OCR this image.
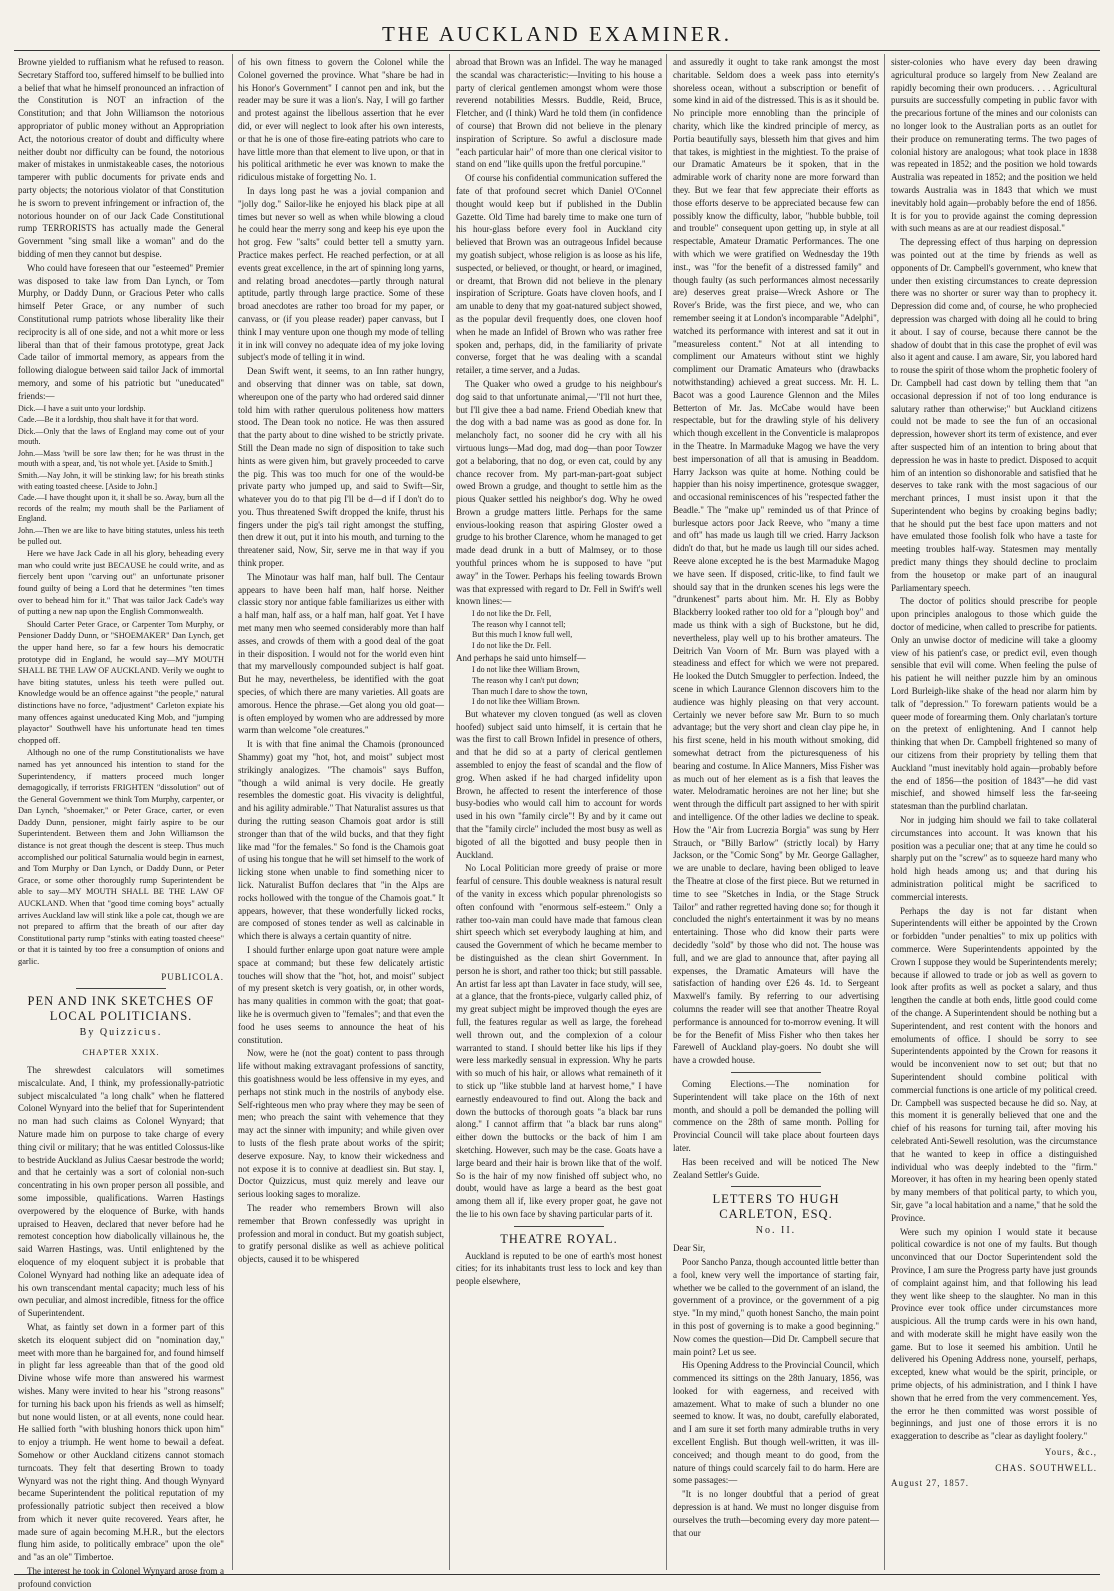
THE AUCKLAND EXAMINER.

Browne yielded to ruffianism what he refused to reason. Secretary Stafford too, suffered himself to be bullied into a belief that what he himself pronounced an infraction of the Constitution is NOT an infraction of the Constitution; and that John Williamson the notorious appropriator of public money without an Appropriation Act, the notorious creator of doubt and difficulty where neither doubt nor difficulty can be found, the notorious maker of mistakes in unmistakeable cases, the notorious tamperer with public documents for private ends and party objects; the notorious violator of that Constitution he is sworn to prevent infringement or infraction of, the notorious hounder on of our Jack Cade Constitutional rump TERRORISTS has actually made the General Government "sing small like a woman" and do the bidding of men they cannot but despise.

Who could have foreseen that our "esteemed" Premier was disposed to take law from Dan Lynch, or Tom Murphy, or Daddy Dunn, or Gracious Peter who calls himself Peter Grace, or any number of such Constitutional rump patriots whose liberality like their reciprocity is all of one side, and not a whit more or less liberal than that of their famous prototype, great Jack Cade tailor of immortal memory, as appears from the following dialogue between said tailor Jack of immortal memory, and some of his patriotic but "uneducated" friends:—

Dick.—I have a suit unto your lordship.

Cade.—Be it a lordship, thou shalt have it for that word.

Dick.—Only that the laws of England may come out of your mouth.

John.—Mass 'twill be sore law then; for he was thrust in the mouth with a spear, and, 'tis not whole yet. [Aside to Smith.]

Smith.—Nay John, it will be stinking law; for his breath stinks with eating toasted cheese. [Aside to John.]

Cade.—I have thought upon it, it shall be so. Away, burn all the records of the realm; my mouth shall be the Parliament of England.

John.—Then we are like to have biting statutes, unless his teeth be pulled out.

Here we have Jack Cade in all his glory, beheading every man who could write just BECAUSE he could write, and as fiercely bent upon "carving out" an unfortunate prisoner found guilty of being a Lord that he determines "ten times over to behead him for it." That was tailor Jack Cade's way of putting a new nap upon the English Commonwealth.

Should Carter Peter Grace, or Carpenter Tom Murphy, or Pensioner Daddy Dunn, or "SHOEMAKER" Dan Lynch, get the upper hand here, so far a few hours his democratic prototype did in England, he would say—MY MOUTH SHALL BE THE LAW OF AUCKLAND. Verily we ought to have biting statutes, unless his teeth were pulled out. Knowledge would be an offence against "the people," natural distinctions have no force, "adjustment" Carleton expiate his many offences against uneducated King Mob, and "jumping playactor" Southwell have his unfortunate head ten times chopped off.

Although no one of the rump Constitutionalists we have named has yet announced his intention to stand for the Superintendency, if matters proceed much longer demagogically, if terrorists FRIGHTEN "dissolution" out of the General Government we think Tom Murphy, carpenter, or Dan Lynch, "shoemaker," or Peter Grace, carter, or even Daddy Dunn, pensioner, might fairly aspire to be our Superintendent. Between them and John Williamson the distance is not great though the descent is steep. Thus much accomplished our political Saturnalia would begin in earnest, and Tom Murphy or Dan Lynch, or Daddy Dunn, or Peter Grace, or some other thoroughly rump Superintendent be able to say—MY MOUTH SHALL BE THE LAW OF AUCKLAND. When that "good time coming boys" actually arrives Auckland law will stink like a pole cat, though we are not prepared to affirm that the breath of our after day Constitutional party rump "stinks with eating toasted cheese" or that it is tainted by too free a consumption of onions and garlic.

PUBLICOLA.
PEN AND INK SKETCHES OF LOCAL POLITICIANS.
By Quizzicus.
CHAPTER XXIX.

The shrewdest calculators will sometimes miscalculate. And, I think, my professionally-patriotic subject miscalculated "a long chalk" when he flattered Colonel Wynyard into the belief that for Superintendent no man had such claims as Colonel Wynyard; that Nature made him on purpose to take charge of every thing civil or military; that he was entitled Colossus-like to bestride Auckland as Julius Caesar bestrode the world; and that he certainly was a sort of colonial non-such concentrating in his own proper person all possible, and some impossible, qualifications. Warren Hastings overpowered by the eloquence of Burke, with hands upraised to Heaven, declared that never before had he remotest conception how diabolically villainous he, the said Warren Hastings, was. Until enlightened by the eloquence of my eloquent subject it is probable that Colonel Wynyard had nothing like an adequate idea of his own transcendant mental capacity; much less of his own peculiar, and almost incredible, fitness for the office of Superintendent.

What, as faintly set down in a former part of this sketch its eloquent subject did on "nomination day," meet with more than he bargained for, and found himself in plight far less agreeable than that of the good old Divine whose wife more than answered his warmest wishes. Many were invited to hear his "strong reasons" for turning his back upon his friends as well as himself; but none would listen, or at all events, none could hear. He sallied forth "with blushing honors thick upon him" to enjoy a triumph. He went home to bewail a defeat. Somehow or other Auckland citizens cannot stomach turncoats. They felt that deserting Brown to toady Wynyard was not the right thing. And though Wynyard became Superintendent the political reputation of my professionally patriotic subject then received a blow from which it never quite recovered. Years after, he made sure of again becoming M.H.R., but the electors flung him aside, to politically embrace" upon the ole" and "as an ole" Timbertoe.

The interest he took in Colonel Wynyard arose from a profound conviction

of his own fitness to govern the Colonel while the Colonel governed the province. What "share be had in his Honor's Government" I cannot pen and ink, but the reader may be sure it was a lion's. Nay, I will go farther and protest against the libellous assertion that he ever did, or ever will neglect to look after his own interests, or that he is one of those fire-eating patriots who care to have little more than that element to live upon, or that in his political arithmetic he ever was known to make the ridiculous mistake of forgetting No. 1.

In days long past he was a jovial companion and "jolly dog." Sailor-like he enjoyed his black pipe at all times but never so well as when while blowing a cloud he could hear the merry song and keep his eye upon the hot grog. Few "salts" could better tell a smutty yarn. Practice makes perfect. He reached perfection, or at all events great excellence, in the art of spinning long yarns, and relating broad anecdotes—partly through natural aptitude, partly through large practice. Some of these broad anecdotes are rather too broad for my paper, or canvass, or (if you please reader) paper canvass, but I think I may venture upon one though my mode of telling it in ink will convey no adequate idea of my joke loving subject's mode of telling it in wind.

Dean Swift went, it seems, to an Inn rather hungry, and observing that dinner was on table, sat down, whereupon one of the party who had ordered said dinner told him with rather querulous politeness how matters stood. The Dean took no notice. He was then assured that the party about to dine wished to be strictly private. Still the Dean made no sign of disposition to take such hints as were given him, but gravely proceeded to carve the pig. This was too much for one of the would-be private party who jumped up, and said to Swift—Sir, whatever you do to that pig I'll be d—d if I don't do to you. Thus threatened Swift dropped the knife, thrust his fingers under the pig's tail right amongst the stuffing, then drew it out, put it into his mouth, and turning to the threatener said, Now, Sir, serve me in that way if you think proper.

The Minotaur was half man, half bull. The Centaur appears to have been half man, half horse. Neither classic story nor antique fable familiarizes us either with a half man, half ass, or a half man, half goat. Yet I have met many men who seemed considerably more than half asses, and crowds of them with a good deal of the goat in their disposition. I would not for the world even hint that my marvellously compounded subject is half goat. But he may, nevertheless, be identified with the goat species, of which there are many varieties. All goats are amorous. Hence the phrase.—Get along you old goat—is often employed by women who are addressed by more warm than welcome "ole creatures."

It is with that fine animal the Chamois (pronounced Shammy) goat my "hot, hot, and moist" subject most strikingly analogizes. "The chamois" says Buffon, "though a wild animal is very docile. He greatly resembles the domestic goat. His vivacity is delightful, and his agility admirable." That Naturalist assures us that during the rutting season Chamois goat ardor is still stronger than that of the wild bucks, and that they fight like mad "for the females." So fond is the Chamois goat of using his tongue that he will set himself to the work of licking stone when unable to find something nicer to lick. Naturalist Buffon declares that "in the Alps are rocks hollowed with the tongue of the Chamois goat." It appears, however, that these wonderfully licked rocks, are composed of stones tender as well as calcinable in which there is always a certain quantity of nitre.

I should further enlarge upon goat nature were ample space at command; but these few delicately artistic touches will show that the "hot, hot, and moist" subject of my present sketch is very goatish, or, in other words, has many qualities in common with the goat; that goat-like he is overmuch given to "females"; and that even the food he uses seems to announce the heat of his constitution.

Now, were he (not the goat) content to pass through life without making extravagant professions of sanctity, this goatishness would be less offensive in my eyes, and perhaps not stink much in the nostrils of anybody else. Self-righteous men who pray where they may be seen of men; who preach the saint with vehemence that they may act the sinner with impunity; and while given over to lusts of the flesh prate about works of the spirit; deserve exposure. Nay, to know their wickedness and not expose it is to connive at deadliest sin. But stay. I, Doctor Quizzicus, must quiz merely and leave our serious looking sages to moralize.

The reader who remembers Brown will also remember that Brown confessedly was upright in profession and moral in conduct. But my goatish subject, to gratify personal dislike as well as achieve political objects, caused it to be whispered

abroad that Brown was an Infidel. The way he managed the scandal was characteristic:—Inviting to his house a party of clerical gentlemen amongst whom were those reverend notabilities Messrs. Buddle, Reid, Bruce, Fletcher, and (I think) Ward he told them (in confidence of course) that Brown did not believe in the plenary inspiration of Scripture. So awful a disclosure made "each particular hair" of more than one clerical visitor to stand on end "like quills upon the fretful porcupine."

Of course his confidential communication suffered the fate of that profound secret which Daniel O'Connel thought would keep but if published in the Dublin Gazette. Old Time had barely time to make one turn of his hour-glass before every fool in Auckland city believed that Brown was an outrageous Infidel because my goatish subject, whose religion is as loose as his life, suspected, or believed, or thought, or heard, or imagined, or dreamt, that Brown did not believe in the plenary inspiration of Scripture. Goats have cloven hoofs, and I am unable to deny that my goat-natured subject showed, as the popular devil frequently does, one cloven hoof when he made an Infidel of Brown who was rather free spoken and, perhaps, did, in the familiarity of private converse, forget that he was dealing with a scandal retailer, a time server, and a Judas.

The Quaker who owed a grudge to his neighbour's dog said to that unfortunate animal,—"I'll not hurt thee, but I'll give thee a bad name. Friend Obediah knew that the dog with a bad name was as good as done for. In melancholy fact, no sooner did he cry with all his virtuous lungs—Mad dog, mad dog—than poor Towzer got a belaboring, that no dog, or even cat, could by any chance recover from. My part-man-part-goat subject owed Brown a grudge, and thought to settle him as the pious Quaker settled his neighbor's dog. Why he owed Brown a grudge matters little. Perhaps for the same envious-looking reason that aspiring Gloster owed a grudge to his brother Clarence, whom he managed to get made dead drunk in a butt of Malmsey, or to those youthful princes whom he is supposed to have "put away" in the Tower. Perhaps his feeling towards Brown was that expressed with regard to Dr. Fell in Swift's well known lines:—

I do not like the Dr. Fell,
The reason why I cannot tell;
But this much I know full well,
I do not like the Dr. Fell.

And perhaps he said unto himself—

I do not like thee William Brown,
The reason why I can't put down;
Than much I dare to show the town,
I do not like thee William Brown.

But whatever my cloven tongued (as well as cloven hoofed) subject said unto himself, it is certain that he was the first to call Brown Infidel in presence of others, and that he did so at a party of clerical gentlemen assembled to enjoy the feast of scandal and the flow of grog. When asked if he had charged infidelity upon Brown, he affected to resent the interference of those busy-bodies who would call him to account for words used in his own "family circle"! By and by it came out that the "family circle" included the most busy as well as bigoted of all the bigotted and busy people then in Auckland.

No Local Politician more greedy of praise or more fearful of censure. This double weakness is natural result of the vanity in excess which popular phrenologists so often confound with "enormous self-esteem." Only a rather too-vain man could have made that famous clean shirt speech which set everybody laughing at him, and caused the Government of which he became member to be distinguished as the clean shirt Government. In person he is short, and rather too thick; but still passable. An artist far less apt than Lavater in face study, will see, at a glance, that the fronts-piece, vulgarly called phiz, of my great subject might be improved though the eyes are full, the features regular as well as large, the forehead well thrown out, and the complexion of a colour warranted to stand. I should better like his lips if they were less markedly sensual in expression. Why he parts with so much of his hair, or allows what remaineth of it to stick up "like stubble land at harvest home," I have earnestly endeavoured to find out. Along the back and down the buttocks of thorough goats "a black bar runs along." I cannot affirm that "a black bar runs along" either down the buttocks or the back of him I am sketching. However, such may be the case. Goats have a large beard and their hair is brown like that of the wolf. So is the hair of my now finished off subject who, no doubt, would have as large a beard as the best goat among them all if, like every proper goat, he gave not the lie to his own face by shaving particular parts of it.

THEATRE ROYAL.

Auckland is reputed to be one of earth's most honest cities; for its inhabitants trust less to lock and key than people elsewhere,

and assuredly it ought to take rank amongst the most charitable. Seldom does a week pass into eternity's shoreless ocean, without a subscription or benefit of some kind in aid of the distressed. This is as it should be. No principle more ennobling than the principle of charity, which like the kindred principle of mercy, as Portia beautifully says, blesseth him that gives and him that takes, is mightiest in the mightiest. To the praise of our Dramatic Amateurs be it spoken, that in the admirable work of charity none are more forward than they. But we fear that few appreciate their efforts as those efforts deserve to be appreciated because few can possibly know the difficulty, labor, "hubble bubble, toil and trouble" consequent upon getting up, in style at all respectable, Amateur Dramatic Performances. The one with which we were gratified on Wednesday the 19th inst., was "for the benefit of a distressed family" and though faulty (as such performances almost necessarily are) deserves great praise—Wreck Ashore or The Rover's Bride, was the first piece, and we, who can remember seeing it at London's incomparable "Adelphi", watched its performance with interest and sat it out in "measureless content." Not at all intending to compliment our Amateurs without stint we highly compliment our Dramatic Amateurs who (drawbacks notwithstanding) achieved a great success. Mr. H. L. Bacot was a good Laurence Glennon and the Miles Betterton of Mr. Jas. McCabe would have been respectable, but for the drawling style of his delivery which though excellent in the Conventicle is malapropos in the Theatre. In Marmaduke Magog we have the very best impersonation of all that is amusing in Beaddom. Harry Jackson was quite at home. Nothing could be happier than his noisy impertinence, grotesque swagger, and occasional reminiscences of his "respected father the Beadle." The "make up" reminded us of that Prince of burlesque actors poor Jack Reeve, who "many a time and oft" has made us laugh till we cried. Harry Jackson didn't do that, but he made us laugh till our sides ached. Reeve alone excepted he is the best Marmaduke Magog we have seen. If disposed, critic-like, to find fault we should say that in the drunken scenes his legs were the "drunkenest" parts about him. Mr. H. Ely as Bobby Blackberry looked rather too old for a "plough boy" and made us think with a sigh of Buckstone, but he did, nevertheless, play well up to his brother amateurs. The Deitrich Van Voorn of Mr. Burn was played with a steadiness and effect for which we were not prepared. He looked the Dutch Smuggler to perfection. Indeed, the scene in which Laurance Glennon discovers him to the audience was highly pleasing on that very account. Certainly we never before saw Mr. Burn to so much advantage; but the very short and clean clay pipe he, in his first scene, held in his mouth without smoking, did somewhat detract from the picturesqueness of his bearing and costume. In Alice Manners, Miss Fisher was as much out of her element as is a fish that leaves the water. Melodramatic heroines are not her line; but she went through the difficult part assigned to her with spirit and intelligence. Of the other ladies we decline to speak. How the "Air from Lucrezia Borgia" was sung by Herr Strauch, or "Billy Barlow" (strictly local) by Harry Jackson, or the "Comic Song" by Mr. George Gallagher, we are unable to declare, having been obliged to leave the Theatre at close of the first piece. But we returned in time to see "Sketches in India, or the Stage Struck Tailor" and rather regretted having done so; for though it concluded the night's entertainment it was by no means entertaining. Those who did know their parts were decidedly "sold" by those who did not. The house was full, and we are glad to announce that, after paying all expenses, the Dramatic Amateurs will have the satisfaction of handing over £26 4s. 1d. to Sergeant Maxwell's family. By referring to our advertising columns the reader will see that another Theatre Royal performance is announced for to-morrow evening. It will be for the Benefit of Miss Fisher who then takes her Farewell of Auckland play-goers. No doubt she will have a crowded house.

Coming Elections.—The nomination for Superintendent will take place on the 16th of next month, and should a poll be demanded the polling will commence on the 28th of same month. Polling for Provincial Council will take place about fourteen days later.

Has been received and will be noticed The New Zealand Settler's Guide.

LETTERS TO HUGH CARLETON, ESQ.
No. II.

Dear Sir,

Poor Sancho Panza, though accounted little better than a fool, knew very well the importance of starting fair, whether we be called to the government of an island, the government of a province, or the government of a pig stye. "In my mind," quoth honest Sancho, the main point in this post of governing is to make a good beginning." Now comes the question—Did Dr. Campbell secure that main point? Let us see.

His Opening Address to the Provincial Council, which commenced its sittings on the 28th January, 1856, was looked for with eagerness, and received with amazement. What to make of such a blunder no one seemed to know. It was, no doubt, carefully elaborated, and I am sure it set forth many admirable truths in very excellent English. But though well-written, it was ill-conceived; and though meant to do good, from the nature of things could scarcely fail to do harm. Here are some passages:—

"It is no longer doubtful that a period of great depression is at hand. We must no longer disguise from ourselves the truth—becoming every day more patent—that our

sister-colonies who have every day been drawing agricultural produce so largely from New Zealand are rapidly becoming their own producers. . . . Agricultural pursuits are successfully competing in public favor with the precarious fortune of the mines and our colonists can no longer look to the Australian ports as an outlet for their produce on remunerating terms. The two pages of colonial history are analogous; what took place in 1838 was repeated in 1852; and the position we hold towards Australia was repeated in 1852; and the position we held towards Australia was in 1843 that which we must inevitably hold again—probably before the end of 1856. It is for you to provide against the coming depression with such means as are at our readiest disposal."

The depressing effect of thus harping on depression was pointed out at the time by friends as well as opponents of Dr. Campbell's government, who knew that under then existing circumstances to create depression there was no shorter or surer way than to prophecy it. Depression did come and, of course, he who prophecied depression was charged with doing all he could to bring it about. I say of course, because there cannot be the shadow of doubt that in this case the prophet of evil was also it agent and cause. I am aware, Sir, you labored hard to rouse the spirit of those whom the prophetic foolery of Dr. Campbell had cast down by telling them that "an occasional depression if not of too long endurance is salutary rather than otherwise;" but Auckland citizens could not be made to see the fun of an occasional depression, however short its term of existence, and ever after suspected him of an intention to bring about that depression he was in haste to predict. Disposed to acquit him of an intention so dishonorable and satisfied that he deserves to take rank with the most sagacious of our merchant princes, I must insist upon it that the Superintendent who begins by croaking begins badly; that he should put the best face upon matters and not have emulated those foolish folk who have a taste for meeting troubles half-way. Statesmen may mentally predict many things they should decline to proclaim from the housetop or make part of an inaugural Parliamentary speech.

The doctor of politics should prescribe for people upon principles analogous to those which guide the doctor of medicine, when called to prescribe for patients. Only an unwise doctor of medicine will take a gloomy view of his patient's case, or predict evil, even though sensible that evil will come. When feeling the pulse of his patient he will neither puzzle him by an ominous Lord Burleigh-like shake of the head nor alarm him by talk of "depression." To forewarn patients would be a queer mode of forearming them. Only charlatan's torture on the pretext of enlightening. And I cannot help thinking that when Dr. Campbell frightened so many of our citizens from their propriety by telling them that Auckland "must inevitably hold again—probably before the end of 1856—the position of 1843"—he did vast mischief, and showed himself less the far-seeing statesman than the purblind charlatan.

Nor in judging him should we fail to take collateral circumstances into account. It was known that his position was a peculiar one; that at any time he could so sharply put on the "screw" as to squeeze hard many who hold high heads among us; and that during his administration political might be sacrificed to commercial interests.

Perhaps the day is not far distant when Superintendents will either be appointed by the Crown or forbidden "under penalties" to mix up politics with commerce. Were Superintendents appointed by the Crown I suppose they would be Superintendents merely; because if allowed to trade or job as well as govern to look after profits as well as pocket a salary, and thus lengthen the candle at both ends, little good could come of the change. A Superintendent should be nothing but a Superintendent, and rest content with the honors and emoluments of office. I should be sorry to see Superintendents appointed by the Crown for reasons it would be inconvenient now to set out; but that no Superintendent should combine political with commercial functions is one article of my political creed. Dr. Campbell was suspected because he did so. Nay, at this moment it is generally believed that one and the chief of his reasons for turning tail, after moving his celebrated Anti-Sewell resolution, was the circumstance that he wanted to keep in office a distinguished individual who was deeply indebted to the "firm." Moreover, it has often in my hearing been openly stated by many members of that political party, to which you, Sir, gave "a local habitation and a name," that he sold the Province.

Were such my opinion I would state it because political cowardice is not one of my faults. But though unconvinced that our Doctor Superintendent sold the Province, I am sure the Progress party have just grounds of complaint against him, and that following his lead they went like sheep to the slaughter. No man in this Province ever took office under circumstances more auspicious. All the trump cards were in his own hand, and with moderate skill he might have easily won the game. But to lose it seemed his ambition. Until he delivered his Opening Address none, yourself, perhaps, excepted, knew what would be the spirit, principle, or prime objects, of his administration, and I think I have shown that he erred from the very commencement. Yes, the error he then committed was worst possible of beginnings, and just one of those errors it is no exaggeration to describe as "clear as daylight foolery."

Yours, &c.,
CHAS. SOUTHWELL.
August 27, 1857.
